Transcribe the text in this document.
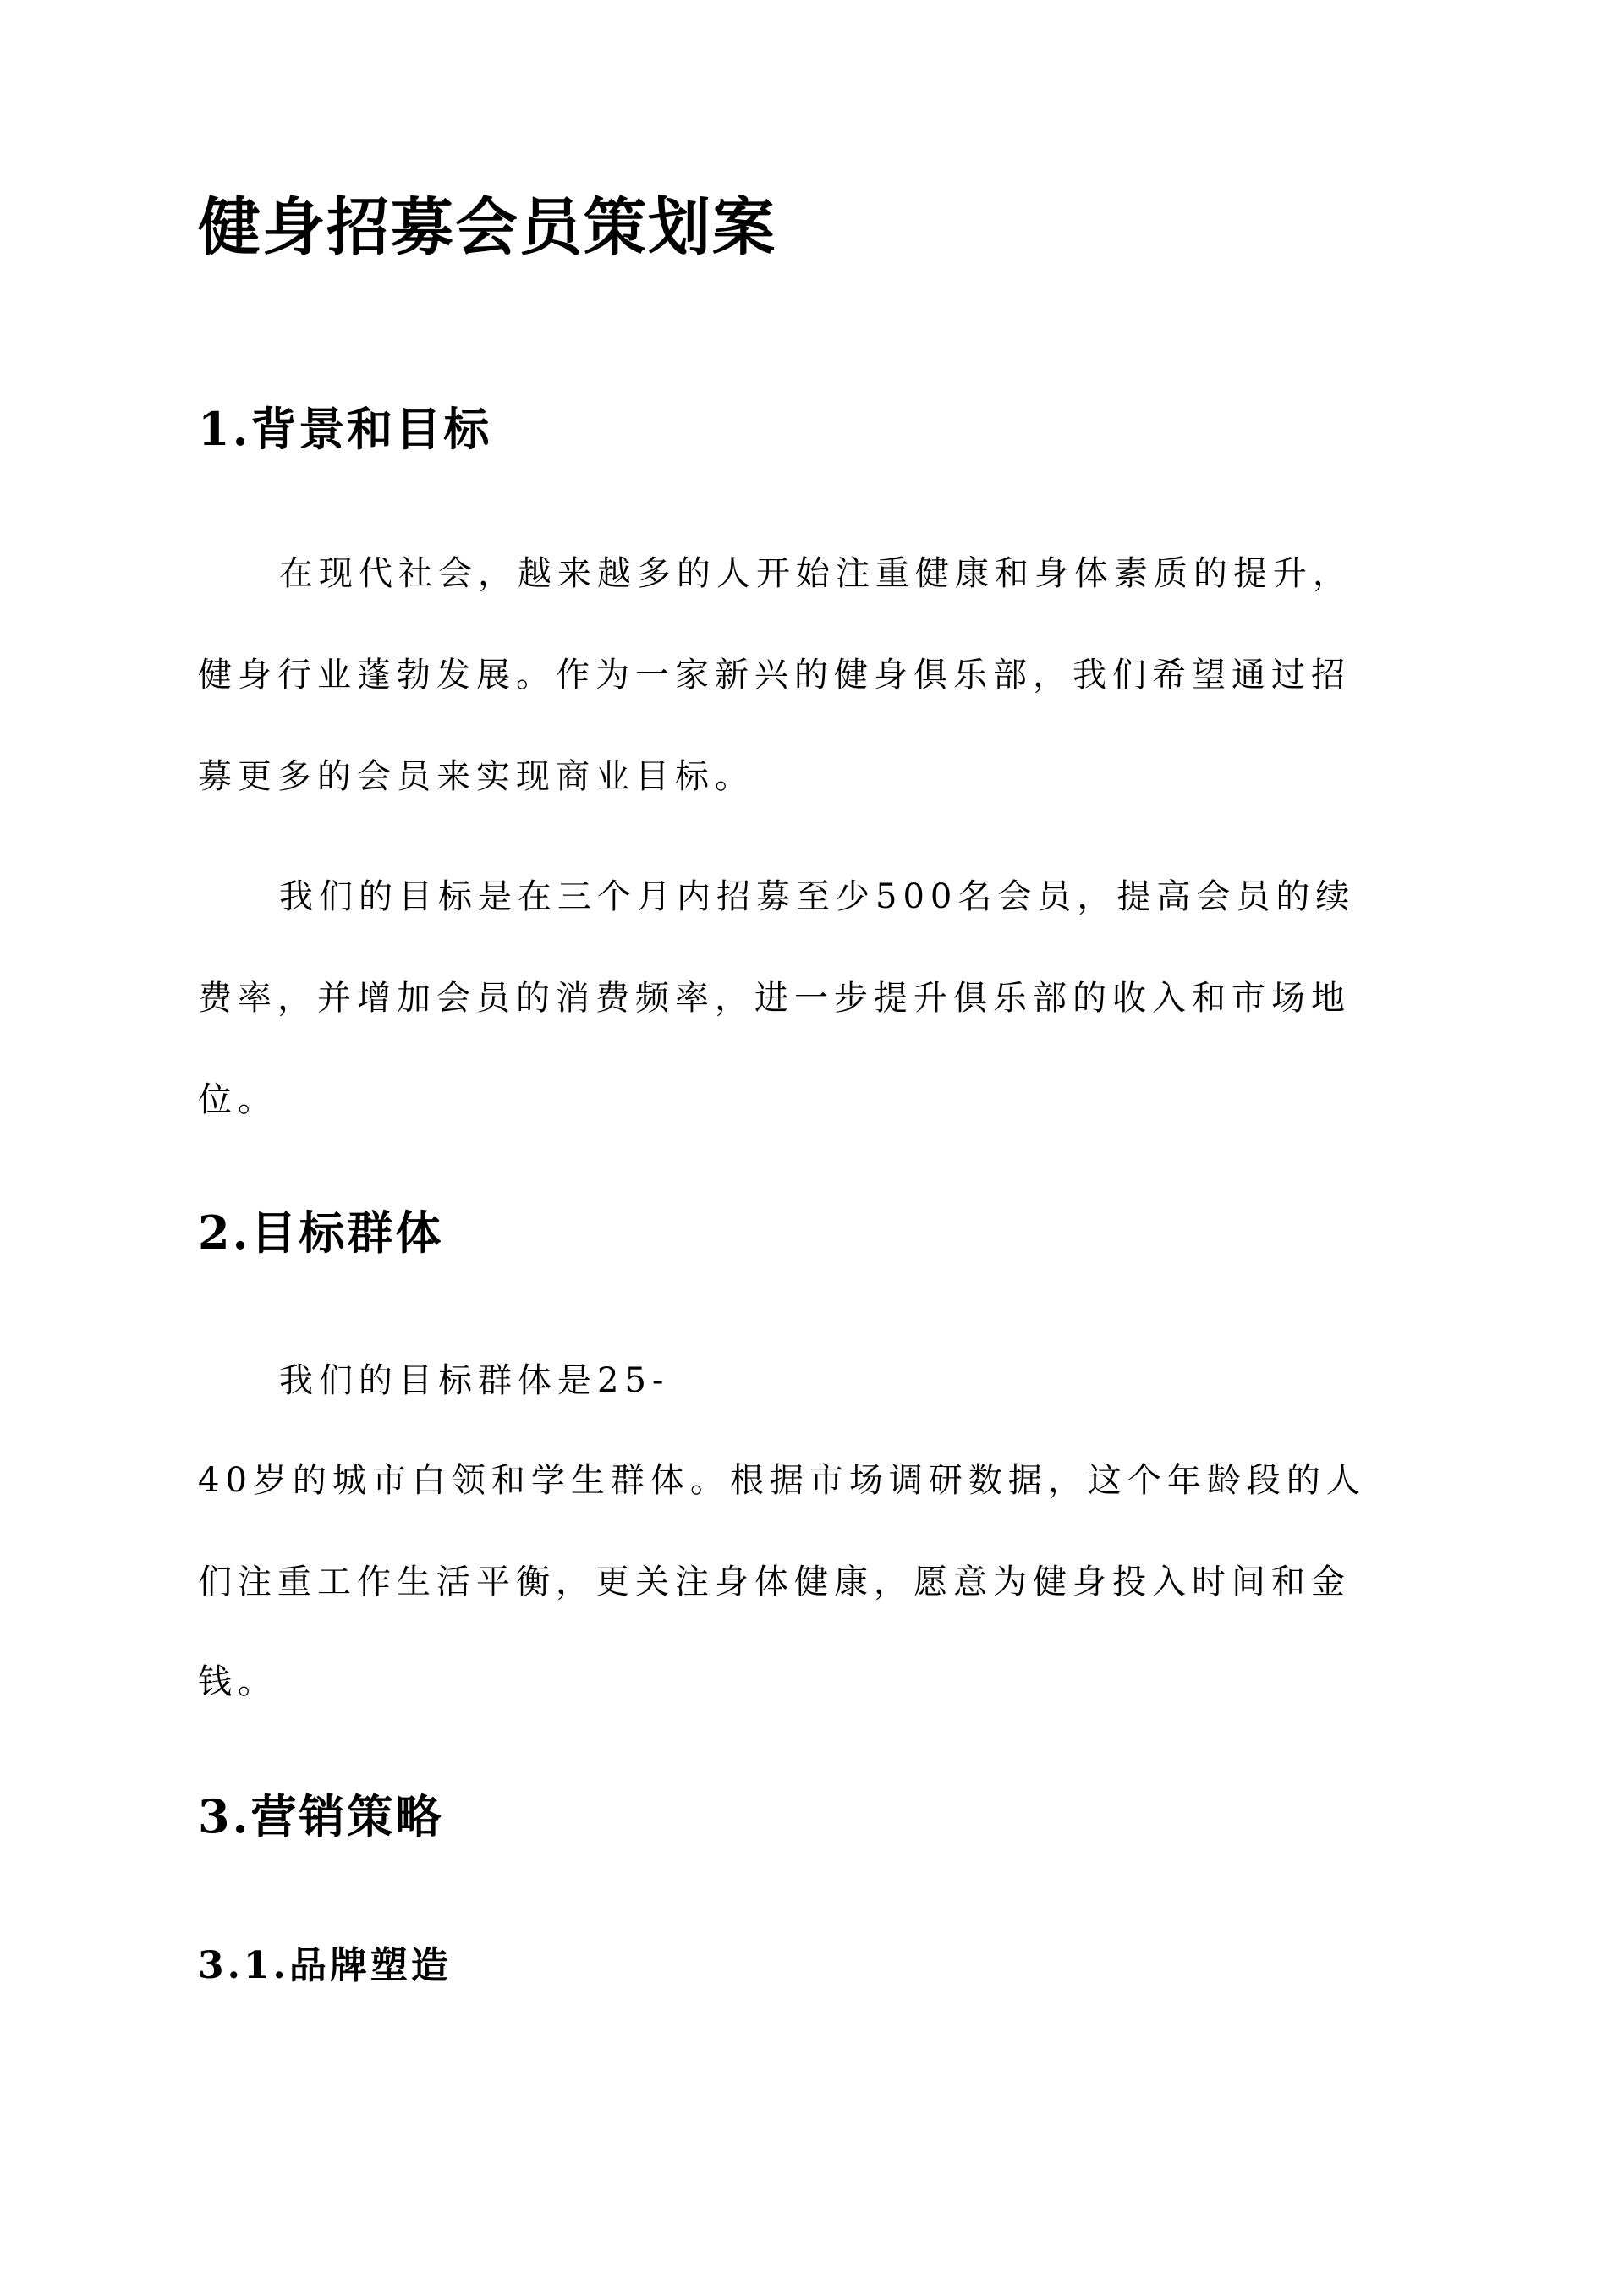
健身招募会员策划案
1.背景和目标

在现代社会，越来越多的人开始注重健康和身体素质的提升，

健身行业蓬勃发展。作为一家新兴的健身俱乐部，我们希望通过招

募更多的会员来实现商业目标。

我们的目标是在三个月内招募至少500名会员，提高会员的续

费率，并增加会员的消费频率，进一步提升俱乐部的收入和市场地

位。

2.目标群体

我们的目标群体是25-

40岁的城市白领和学生群体。根据市场调研数据，这个年龄段的人

们注重工作生活平衡，更关注身体健康，愿意为健身投入时间和金

钱。

3.营销策略
3.1.品牌塑造
